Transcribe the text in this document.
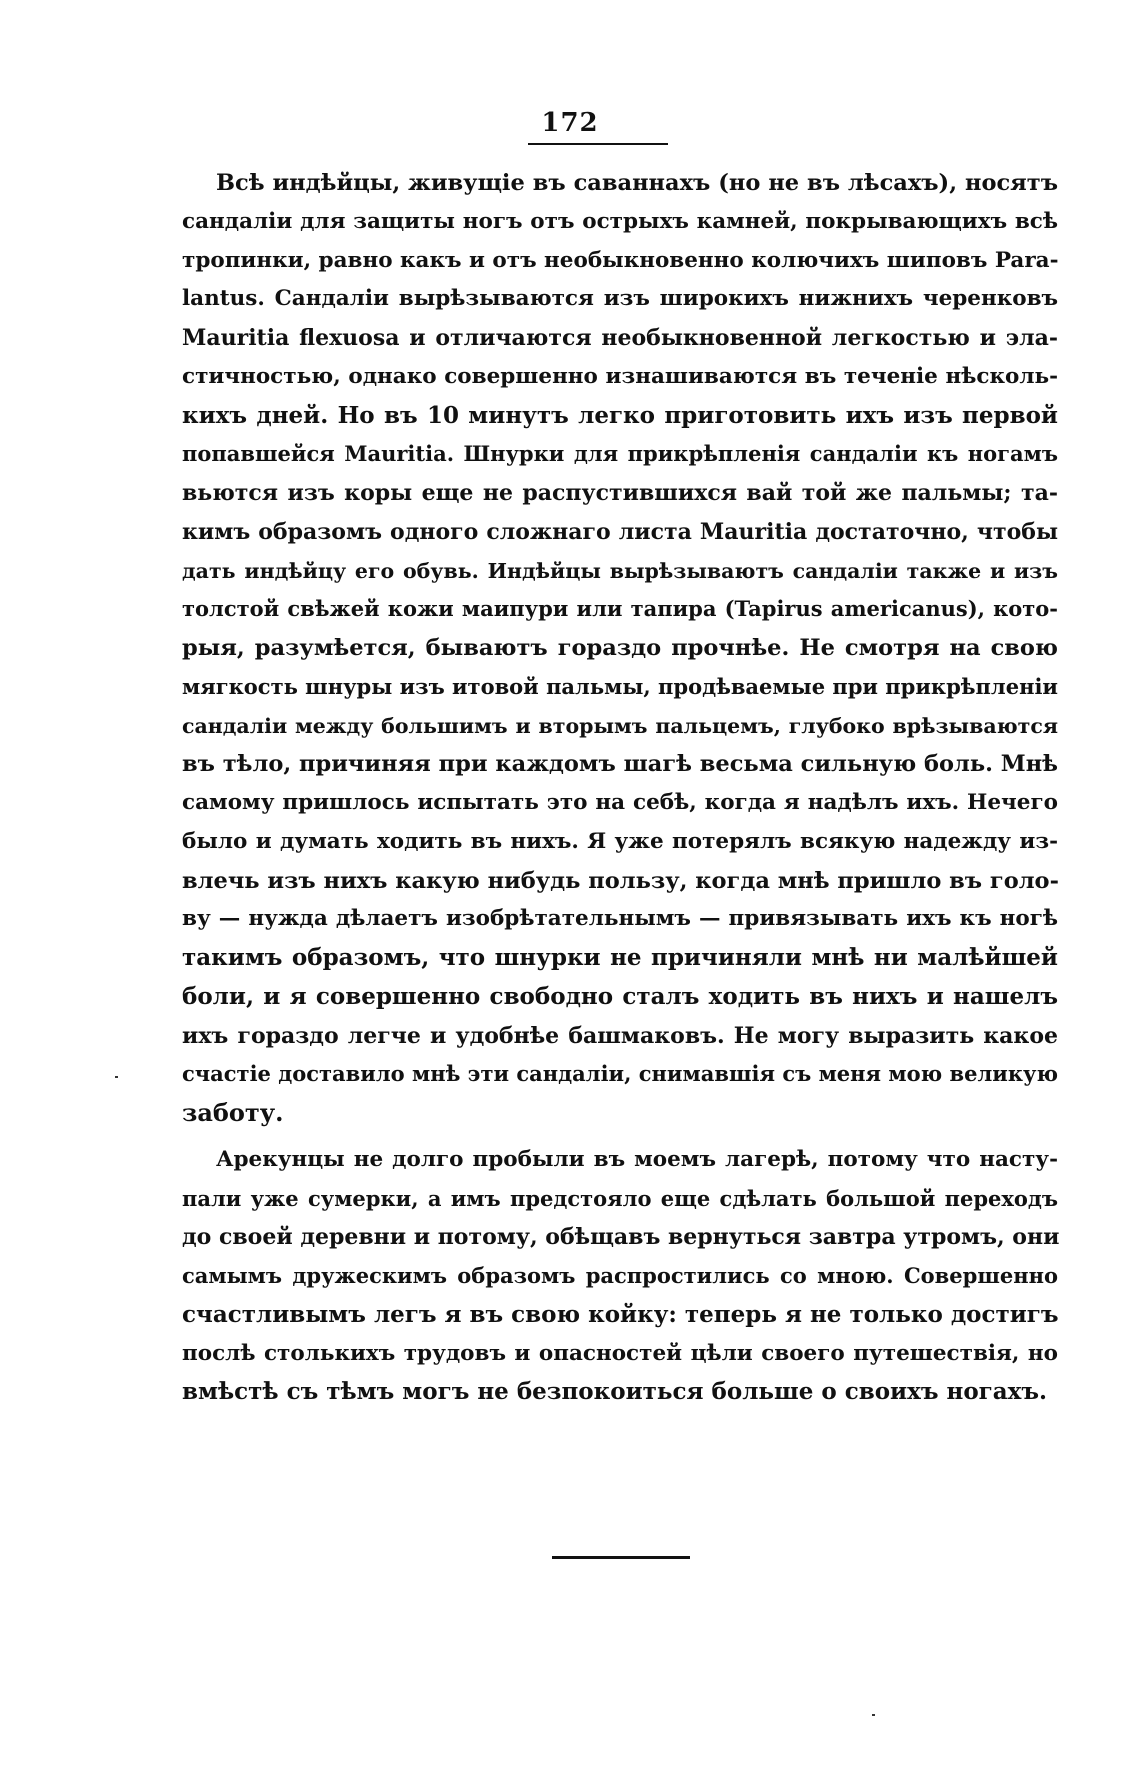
172
Всѣ индѣйцы, живущіе въ саваннахъ (но не въ лѣсахъ), носятъ
сандаліи для защиты ногъ отъ острыхъ камней, покрывающихъ всѣ
тропинки, равно какъ и отъ необыкновенно колючихъ шиповъ Para-
lantus. Сандаліи вырѣзываются изъ широкихъ нижнихъ черенковъ
Mauritia flexuosa и отличаются необыкновенной легкостью и эла-
стичностью, однако совершенно изнашиваются въ теченіе нѣсколь-
кихъ дней. Но въ 10 минутъ легко приготовить ихъ изъ первой
попавшейся Mauritia. Шнурки для прикрѣпленія сандаліи къ ногамъ
вьются изъ коры еще не распустившихся вай той же пальмы; та-
кимъ образомъ одного сложнаго листа Mauritia достаточно, чтобы
дать индѣйцу его обувь. Индѣйцы вырѣзываютъ сандаліи также и изъ
толстой свѣжей кожи маипури или тапира (Tapirus americanus), кото-
рыя, разумѣется, бываютъ гораздо прочнѣе. Не смотря на свою
мягкость шнуры изъ итовой пальмы, продѣваемые при прикрѣпленіи
сандаліи между большимъ и вторымъ пальцемъ, глубоко врѣзываются
въ тѣло, причиняя при каждомъ шагѣ весьма сильную боль. Мнѣ
самому пришлось испытать это на себѣ, когда я надѣлъ ихъ. Нечего
было и думать ходить въ нихъ. Я уже потерялъ всякую надежду из-
влечь изъ нихъ какую нибудь пользу, когда мнѣ пришло въ голо-
ву — нужда дѣлаетъ изобрѣтательнымъ — привязывать ихъ къ ногѣ
такимъ образомъ, что шнурки не причиняли мнѣ ни малѣйшей
боли, и я совершенно свободно сталъ ходить въ нихъ и нашелъ
ихъ гораздо легче и удобнѣе башмаковъ. Не могу выразить какое
счастіе доставило мнѣ эти сандаліи, снимавшія съ меня мою великую
заботу.
Арекунцы не долго пробыли въ моемъ лагерѣ, потому что насту-
пали уже сумерки, а имъ предстояло еще сдѣлать большой переходъ
до своей деревни и потому, обѣщавъ вернуться завтра утромъ, они
самымъ дружескимъ образомъ распростились со мною. Совершенно
счастливымъ легъ я въ свою койку: теперь я не только достигъ
послѣ столькихъ трудовъ и опасностей цѣли своего путешествія, но
вмѣстѣ съ тѣмъ могъ не безпокоиться больше о своихъ ногахъ.
